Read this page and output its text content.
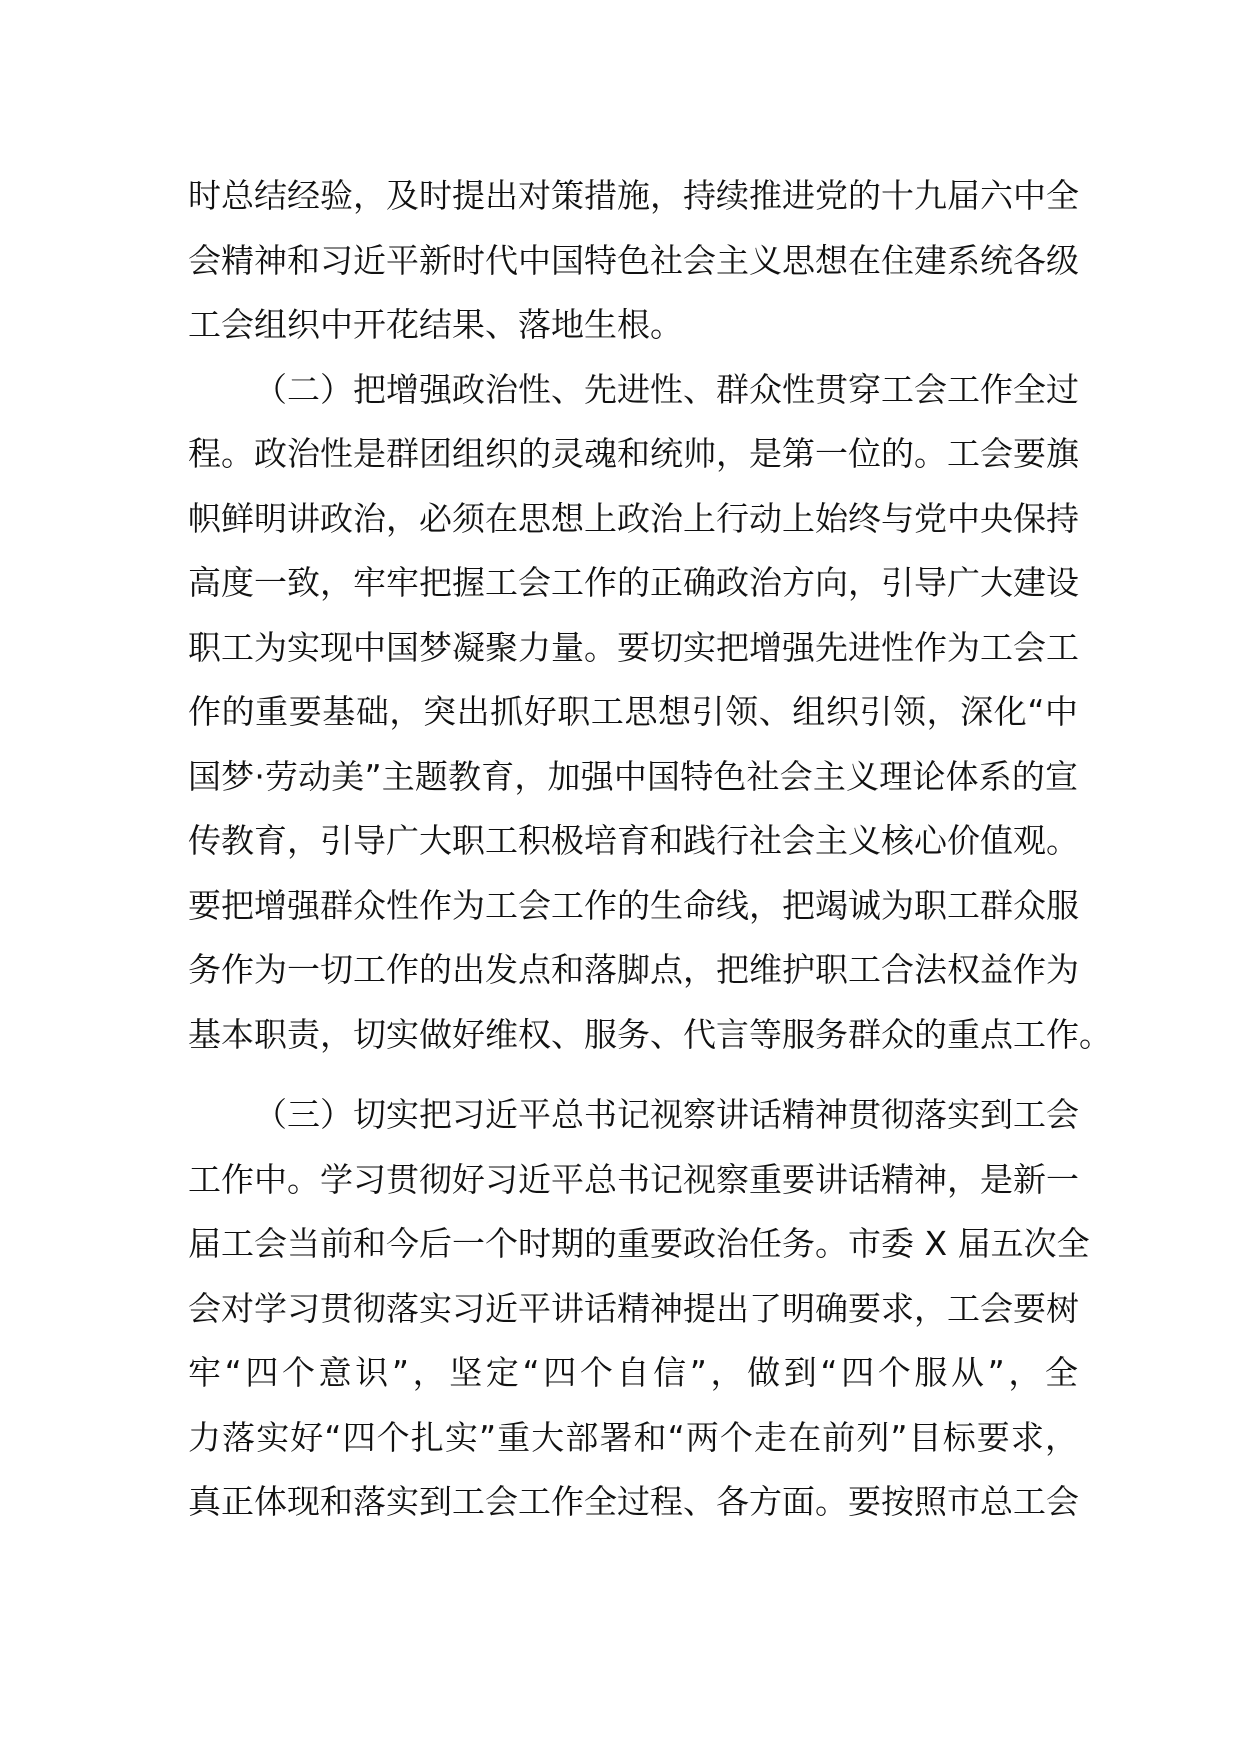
时总结经验，及时提出对策措施，持续推进党的十九届六中全
会精神和习近平新时代中国特色社会主义思想在住建系统各级
工会组织中开花结果、落地生根。
（二）把增强政治性、先进性、群众性贯穿工会工作全过
程。政治性是群团组织的灵魂和统帅，是第一位的。工会要旗
帜鲜明讲政治，必须在思想上政治上行动上始终与党中央保持
高度一致，牢牢把握工会工作的正确政治方向，引导广大建设
职工为实现中国梦凝聚力量。要切实把增强先进性作为工会工
作的重要基础，突出抓好职工思想引领、组织引领，深化“中
国梦·劳动美”主题教育，加强中国特色社会主义理论体系的宣
传教育，引导广大职工积极培育和践行社会主义核心价值观。
要把增强群众性作为工会工作的生命线，把竭诚为职工群众服
务作为一切工作的出发点和落脚点，把维护职工合法权益作为
基本职责，切实做好维权、服务、代言等服务群众的重点工作。
（三）切实把习近平总书记视察讲话精神贯彻落实到工会
工作中。学习贯彻好习近平总书记视察重要讲话精神，是新一
届工会当前和今后一个时期的重要政治任务。市委 X 届五次全
会对学习贯彻落实习近平讲话精神提出了明确要求，工会要树
牢“四个意识”，坚定“四个自信”，做到“四个服从”，全
力落实好“四个扎实”重大部署和“两个走在前列”目标要求，
真正体现和落实到工会工作全过程、各方面。要按照市总工会
